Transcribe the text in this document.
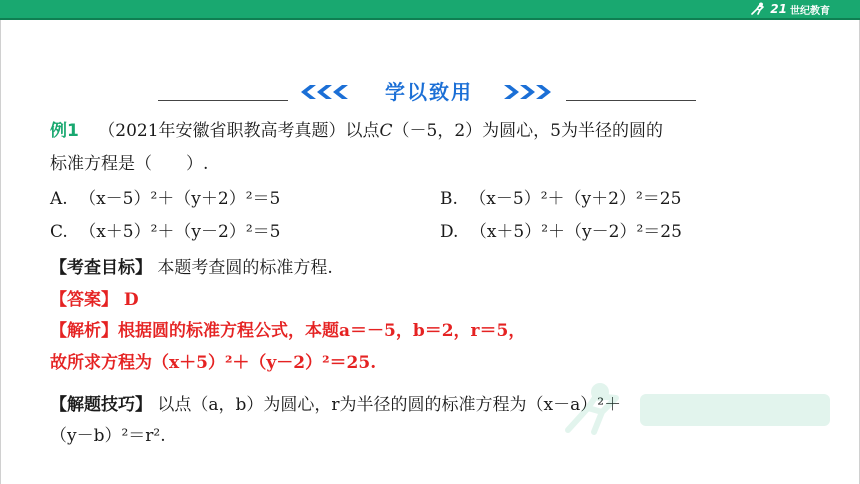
21 世纪教育
学以致用
例1 （2021年安徽省职教高考真题）以点C（－5，2）为圆心，5为半径的圆的
标准方程是（　　）.
A. （x－5）²＋（y＋2）²＝5	B. （x－5）²＋（y＋2）²＝25
C. （x＋5）²＋（y－2）²＝5	D. （x＋5）²＋（y－2）²＝25
【考查目标】 本题考查圆的标准方程.
【答案】 D
【解析】根据圆的标准方程公式，本题a＝－5，b＝2，r＝5，
故所求方程为（x＋5）²＋（y－2）²＝25.
【解题技巧】 以点（a，b）为圆心，r为半径的圆的标准方程为（x－a）²＋
（y－b）²＝r².
